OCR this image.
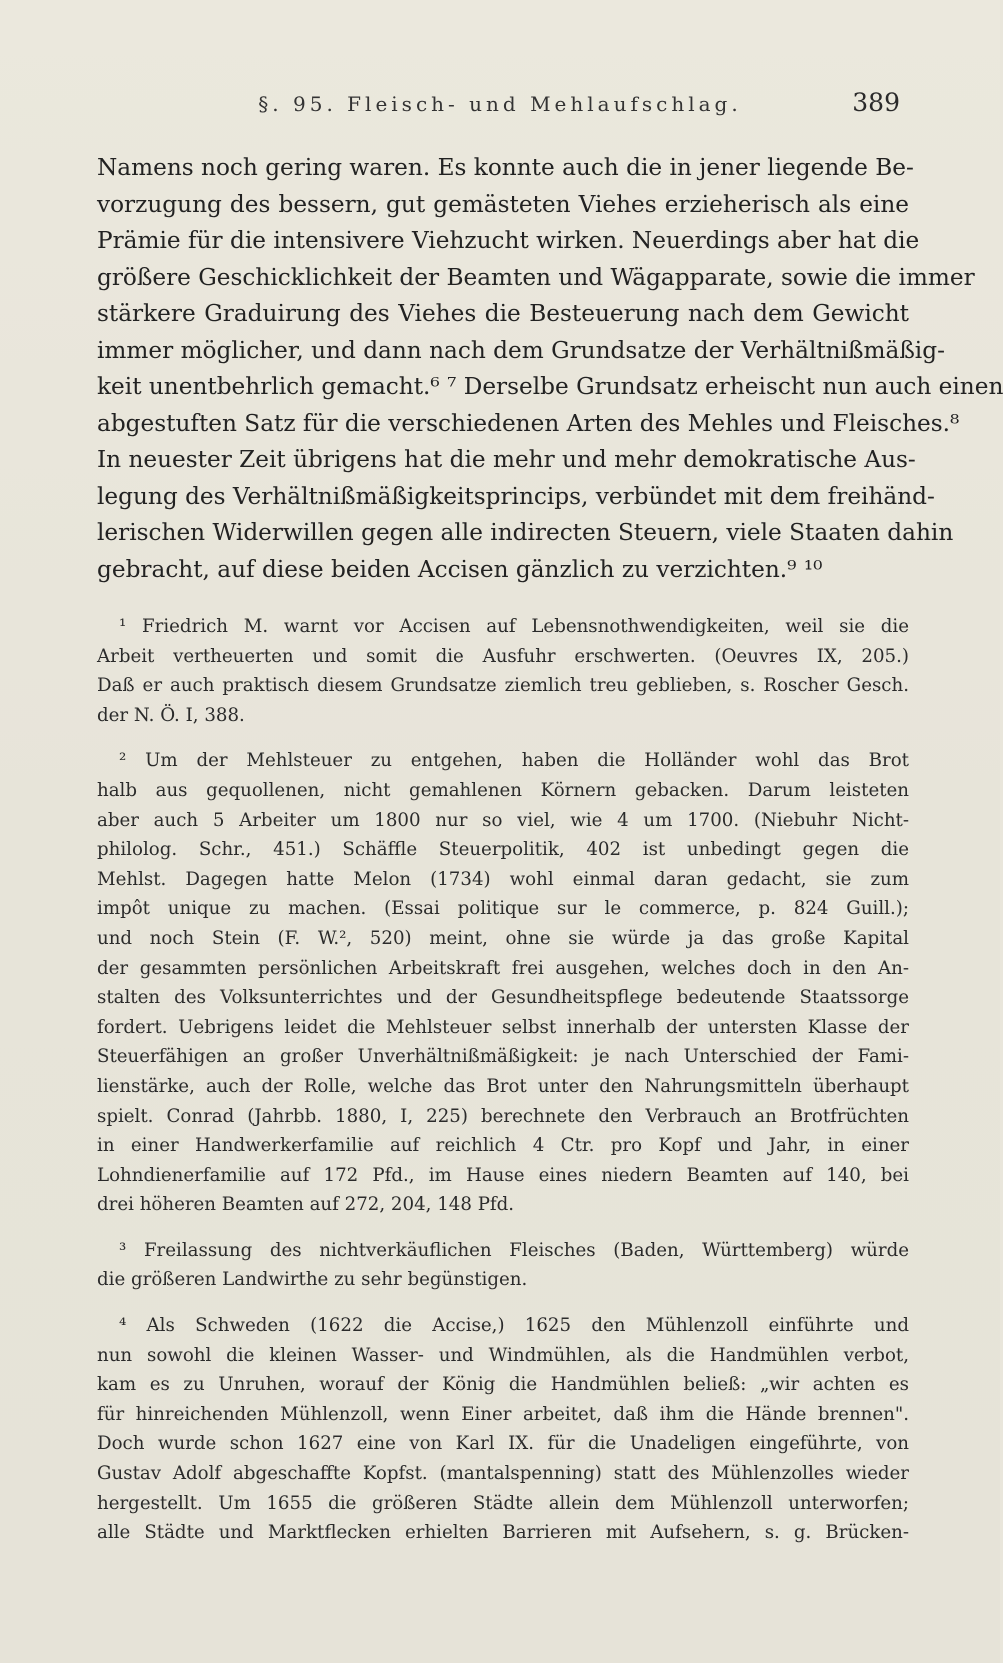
§. 95. Fleisch- und Mehlaufschlag.	389
Namens noch gering waren. Es konnte auch die in jener liegende Be-
vorzugung des bessern, gut gemästeten Viehes erzieherisch als eine
Prämie für die intensivere Viehzucht wirken. Neuerdings aber hat die
größere Geschicklichkeit der Beamten und Wägapparate, sowie die immer
stärkere Graduirung des Viehes die Besteuerung nach dem Gewicht
immer möglicher, und dann nach dem Grundsatze der Verhältnißmäßig-
keit unentbehrlich gemacht.⁶ ⁷ Derselbe Grundsatz erheischt nun auch einen
abgestuften Satz für die verschiedenen Arten des Mehles und Fleisches.⁸
In neuester Zeit übrigens hat die mehr und mehr demokratische Aus-
legung des Verhältnißmäßigkeitsprincips, verbündet mit dem freihänd-
lerischen Widerwillen gegen alle indirecten Steuern, viele Staaten dahin
gebracht, auf diese beiden Accisen gänzlich zu verzichten.⁹ ¹⁰
¹ Friedrich M. warnt vor Accisen auf Lebensnothwendigkeiten, weil sie die
Arbeit vertheuerten und somit die Ausfuhr erschwerten. (Oeuvres IX, 205.)
Daß er auch praktisch diesem Grundsatze ziemlich treu geblieben, s. Roscher Gesch.
der N. Ö. I, 388.
² Um der Mehlsteuer zu entgehen, haben die Holländer wohl das Brot
halb aus gequollenen, nicht gemahlenen Körnern gebacken. Darum leisteten
aber auch 5 Arbeiter um 1800 nur so viel, wie 4 um 1700. (Niebuhr Nicht-
philolog. Schr., 451.) Schäffle Steuerpolitik, 402 ist unbedingt gegen die
Mehlst. Dagegen hatte Melon (1734) wohl einmal daran gedacht, sie zum
impôt unique zu machen. (Essai politique sur le commerce, p. 824 Guill.);
und noch Stein (F. W.², 520) meint, ohne sie würde ja das große Kapital
der gesammten persönlichen Arbeitskraft frei ausgehen, welches doch in den An-
stalten des Volksunterrichtes und der Gesundheitspflege bedeutende Staatssorge
fordert. Uebrigens leidet die Mehlsteuer selbst innerhalb der untersten Klasse der
Steuerfähigen an großer Unverhältnißmäßigkeit: je nach Unterschied der Fami-
lienstärke, auch der Rolle, welche das Brot unter den Nahrungsmitteln überhaupt
spielt. Conrad (Jahrbb. 1880, I, 225) berechnete den Verbrauch an Brotfrüchten
in einer Handwerkerfamilie auf reichlich 4 Ctr. pro Kopf und Jahr, in einer
Lohndienerfamilie auf 172 Pfd., im Hause eines niedern Beamten auf 140, bei
drei höheren Beamten auf 272, 204, 148 Pfd.
³ Freilassung des nichtverkäuflichen Fleisches (Baden, Württemberg) würde
die größeren Landwirthe zu sehr begünstigen.
⁴ Als Schweden (1622 die Accise,) 1625 den Mühlenzoll einführte und
nun sowohl die kleinen Wasser- und Windmühlen, als die Handmühlen verbot,
kam es zu Unruhen, worauf der König die Handmühlen beließ: „wir achten es
für hinreichenden Mühlenzoll, wenn Einer arbeitet, daß ihm die Hände brennen".
Doch wurde schon 1627 eine von Karl IX. für die Unadeligen eingeführte, von
Gustav Adolf abgeschaffte Kopfst. (mantalspenning) statt des Mühlenzolles wieder
hergestellt. Um 1655 die größeren Städte allein dem Mühlenzoll unterworfen;
alle Städte und Marktflecken erhielten Barrieren mit Aufsehern, s. g. Brücken-
